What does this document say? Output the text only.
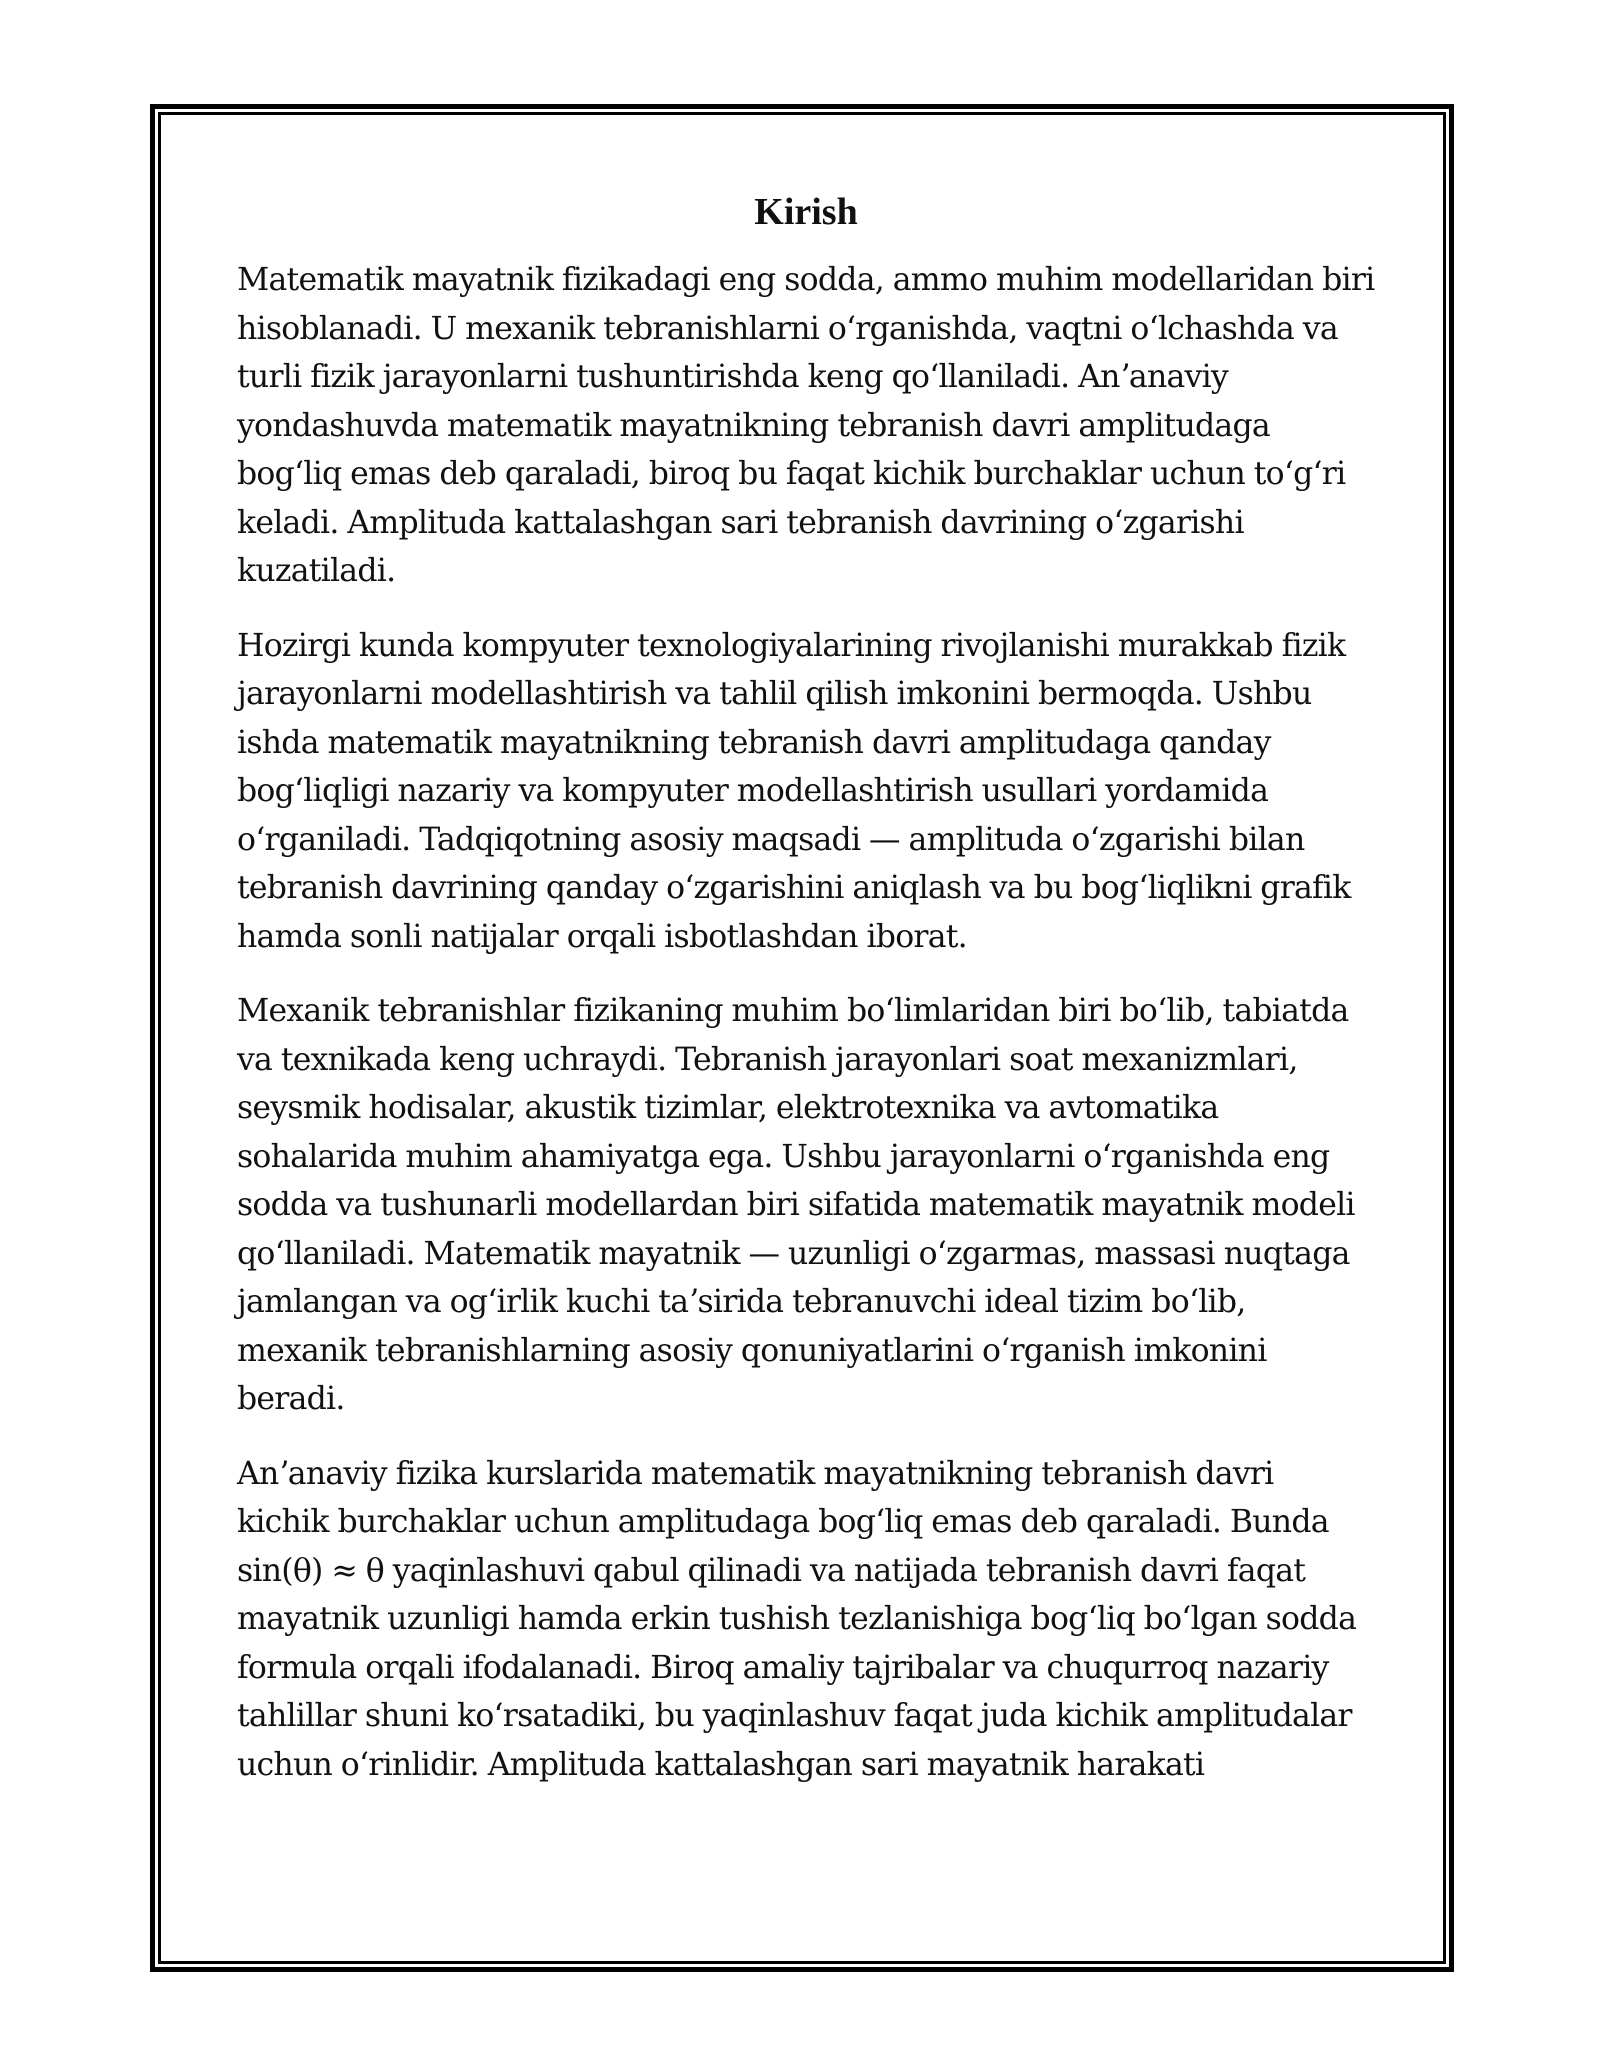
Kirish
Matematik mayatnik fizikadagi eng sodda, ammo muhim modellaridan biri
hisoblanadi. U mexanik tebranishlarni oʻrganishda, vaqtni oʻlchashda va
turli fizik jarayonlarni tushuntirishda keng qoʻllaniladi. Anʼanaviy
yondashuvda matematik mayatnikning tebranish davri amplitudaga
bogʻliq emas deb qaraladi, biroq bu faqat kichik burchaklar uchun toʻgʻri
keladi. Amplituda kattalashgan sari tebranish davrining oʻzgarishi
kuzatiladi.
Hozirgi kunda kompyuter texnologiyalarining rivojlanishi murakkab fizik
jarayonlarni modellashtirish va tahlil qilish imkonini bermoqda. Ushbu
ishda matematik mayatnikning tebranish davri amplitudaga qanday
bogʻliqligi nazariy va kompyuter modellashtirish usullari yordamida
oʻrganiladi. Tadqiqotning asosiy maqsadi — amplituda oʻzgarishi bilan
tebranish davrining qanday oʻzgarishini aniqlash va bu bogʻliqlikni grafik
hamda sonli natijalar orqali isbotlashdan iborat.
Mexanik tebranishlar fizikaning muhim boʻlimlaridan biri boʻlib, tabiatda
va texnikada keng uchraydi. Tebranish jarayonlari soat mexanizmlari,
seysmik hodisalar, akustik tizimlar, elektrotexnika va avtomatika
sohalarida muhim ahamiyatga ega. Ushbu jarayonlarni oʻrganishda eng
sodda va tushunarli modellardan biri sifatida matematik mayatnik modeli
qoʻllaniladi. Matematik mayatnik — uzunligi oʻzgarmas, massasi nuqtaga
jamlangan va ogʻirlik kuchi taʼsirida tebranuvchi ideal tizim boʻlib,
mexanik tebranishlarning asosiy qonuniyatlarini oʻrganish imkonini
beradi.
Anʼanaviy fizika kurslarida matematik mayatnikning tebranish davri
kichik burchaklar uchun amplitudaga bogʻliq emas deb qaraladi. Bunda
sin(θ) ≈ θ yaqinlashuvi qabul qilinadi va natijada tebranish davri faqat
mayatnik uzunligi hamda erkin tushish tezlanishiga bogʻliq boʻlgan sodda
formula orqali ifodalanadi. Biroq amaliy tajribalar va chuqurroq nazariy
tahlillar shuni koʻrsatadiki, bu yaqinlashuv faqat juda kichik amplitudalar
uchun oʻrinlidir. Amplituda kattalashgan sari mayatnik harakati
